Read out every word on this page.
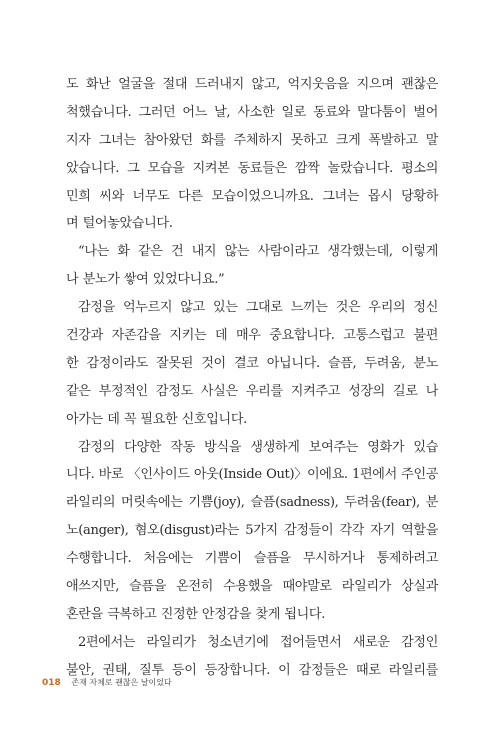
도 화난 얼굴을 절대 드러내지 않고, 억지웃음을 지으며 괜찮은
척했습니다. 그러던 어느 날, 사소한 일로 동료와 말다툼이 벌어
지자 그녀는 참아왔던 화를 주체하지 못하고 크게 폭발하고 말
았습니다. 그 모습을 지켜본 동료들은 깜짝 놀랐습니다. 평소의
민희 씨와 너무도 다른 모습이었으니까요. 그녀는 몹시 당황하
며 털어놓았습니다.
“나는 화 같은 건 내지 않는 사람이라고 생각했는데, 이렇게
나 분노가 쌓여 있었다니요.”
감정을 억누르지 않고 있는 그대로 느끼는 것은 우리의 정신
건강과 자존감을 지키는 데 매우 중요합니다. 고통스럽고 불편
한 감정이라도 잘못된 것이 결코 아닙니다. 슬픔, 두려움, 분노
같은 부정적인 감정도 사실은 우리를 지켜주고 성장의 길로 나
아가는 데 꼭 필요한 신호입니다.
감정의 다양한 작동 방식을 생생하게 보여주는 영화가 있습
니다. 바로 〈인사이드 아웃(Inside Out)〉이에요. 1편에서 주인공
라일리의 머릿속에는 기쁨(joy), 슬픔(sadness), 두려움(fear), 분
노(anger), 혐오(disgust)라는 5가지 감정들이 각각 자기 역할을
수행합니다. 처음에는 기쁨이 슬픔을 무시하거나 통제하려고
애쓰지만, 슬픔을 온전히 수용했을 때야말로 라일리가 상실과
혼란을 극복하고 진정한 안정감을 찾게 됩니다.
2편에서는 라일리가 청소년기에 접어들면서 새로운 감정인
불안, 권태, 질투 등이 등장합니다. 이 감정들은 때로 라일리를
018 존재 자체로 괜찮은 날이었다
